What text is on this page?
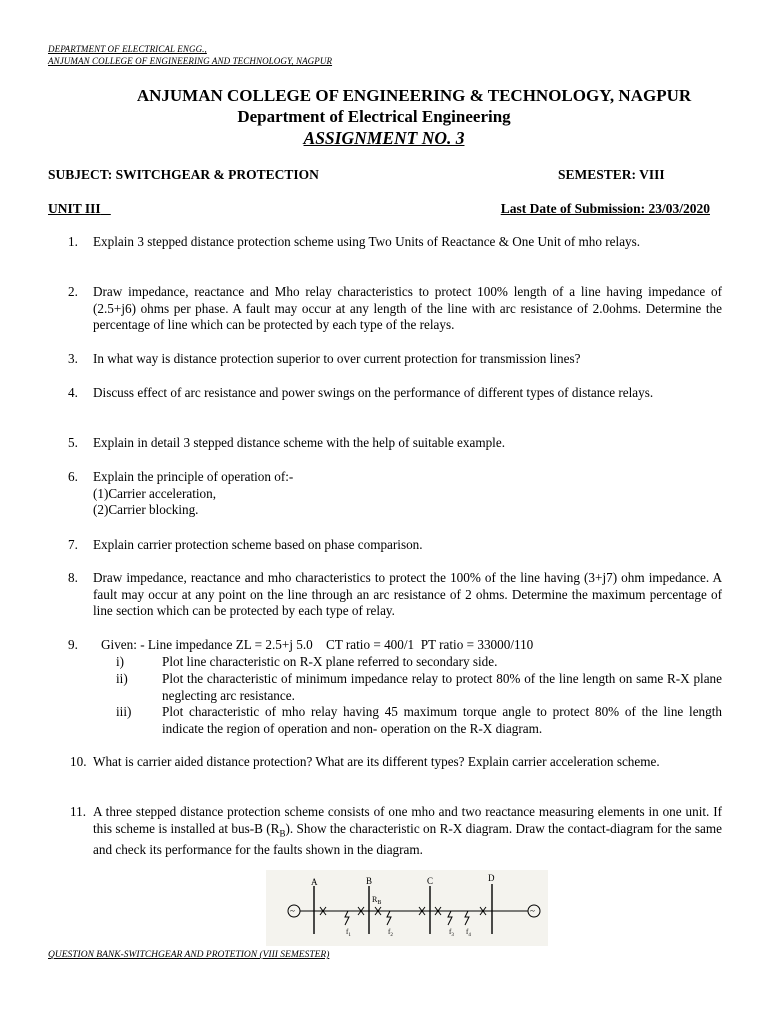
DEPARTMENT OF ELECTRICAL ENGG.,
ANJUMAN COLLEGE OF ENGINEERING AND TECHNOLOGY, NAGPUR
ANJUMAN COLLEGE OF ENGINEERING & TECHNOLOGY, NAGPUR
Department of Electrical Engineering
ASSIGNMENT NO. 3
SUBJECT: SWITCHGEAR & PROTECTION	SEMESTER: VIII
UNIT III	Last Date of Submission: 23/03/2020
1. Explain 3 stepped distance protection scheme using Two Units of Reactance & One Unit of mho relays.
2. Draw impedance, reactance and Mho relay characteristics to protect 100% length of a line having impedance of (2.5+j6) ohms per phase. A fault may occur at any length of the line with arc resistance of 2.0ohms. Determine the percentage of line which can be protected by each type of the relays.
3. In what way is distance protection superior to over current protection for transmission lines?
4. Discuss effect of arc resistance and power swings on the performance of different types of distance relays.
5. Explain in detail 3 stepped distance scheme with the help of suitable example.
6. Explain the principle of operation of:-
(1)Carrier acceleration,
(2)Carrier blocking.
7. Explain carrier protection scheme based on phase comparison.
8. Draw impedance, reactance and mho characteristics to protect the 100% of the line having (3+j7) ohm impedance. A fault may occur at any point on the line through an arc resistance of 2 ohms. Determine the maximum percentage of line section which can be protected by each type of relay.
9. Given: - Line impedance ZL = 2.5+j 5.0    CT ratio = 400/1  PT ratio = 33000/110
i)	Plot line characteristic on R-X plane referred to secondary side.
ii)	Plot the characteristic of minimum impedance relay to protect 80% of the line length on same R-X plane neglecting arc resistance.
iii) Plot characteristic of mho relay having 45 maximum torque angle to protect 80% of the line length indicate the region of operation and non- operation on the R-X diagram.
10. What is carrier aided distance protection? What are its different types? Explain carrier acceleration scheme.
11. A three stepped distance protection scheme consists of one mho and two reactance measuring elements in one unit. If this scheme is installed at bus-B $(R_B)$. Show the characteristic on R-X diagram. Draw the contact-diagram for the same and check its performance for the faults shown in the diagram.
~	~
A	B	C	D
$R_B$
$f_1$	$f_2$	$f_3$ $f_4$
QUESTION BANK-SWITCHGEAR AND PROTETION (VIII SEMESTER)
